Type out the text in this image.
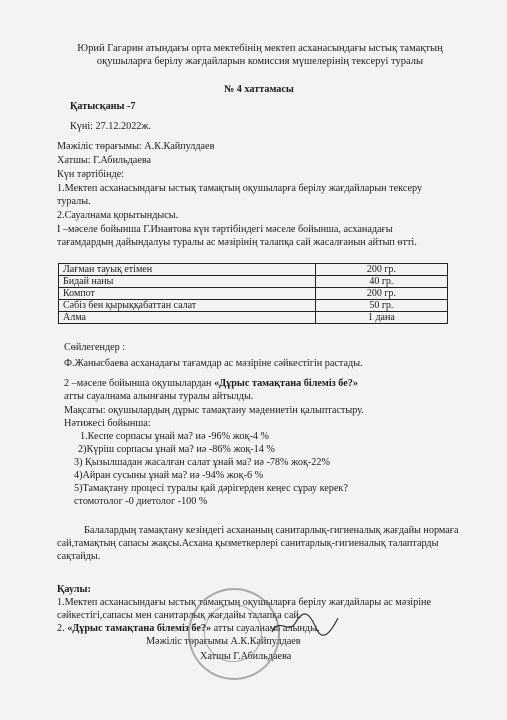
Юрий Гагарин атындағы орта мектебінің мектеп асханасындағы ыстық тамақтың
оқушыларға берілу жағдайларын комиссия мүшелерінің тексеруі туралы
№ 4 хаттамасы
Қатысқаны -7
Күні: 27.12.2022ж.
Мәжіліс төрағымы: А.К.Кайпулдаев
Хатшы: Г.Абильдаева
Күн тәртібінде:
1.Мектеп асханасындағы ыстық тамақтың оқушыларға берілу жағдайларын тексеру
туралы.
2.Сауалнама қорытындысы.
І –мәселе бойынша Г.Инаятова күн тәртібіндегі мәселе бойынша, асханадағы
тағамдардың дайындалуы туралы ас мәзірінің талапқа сай жасалғанын айтып өтті.
Лағман тауық етімен	200 гр.
Бидай наны	40 гр.
Компот	200 гр.
Сәбіз бен қырыққабаттан салат	50 гр.
Алма	1 дана
Сөйлегендер :
Ф.Жанысбаева асханадағы тағамдар ас мәзіріне сәйкестігін растады.
2 –мәселе бойынша оқушылардан «Дұрыс тамақтана білеміз бе?»
атты сауалнама алынғаны туралы айтылды.
Мақсаты: оқушылардың дұрыс тамақтану мәдениетін қалыптастыру.
Нәтижесі бойынша:
1.Кеспе сорпасы ұнай ма? иә -96% жоқ-4 %
2)Күріш сорпасы ұнай ма? иә -86% жоқ-14 %
3) Қызылшадан жасалған салат ұнай ма? иә -78% жоқ-22%
4)Айран сусыны ұнай ма? иә -94% жоқ-6 %
5)Тамақтану процесі туралы қай дәрігерден кеңес сұрау керек?
стомотолог -0 диетолог -100 %
Балалардың тамақтану кезіндегі асхананың санитарлық-гигиеналық жағдайы нормаға
сай,тамақтың сапасы жақсы.Асхана қызметкерлері санитарлық-гигиеналық талаптарды
сақтайды.
Қаулы:
1.Мектеп асханасындағы ыстық тамақтың оқушыларға берілу жағдайлары ас мәзіріне
сәйкестігі,сапасы мен санитарлық жағдайы талапқа сай.
2. «Дұрыс тамақтана білеміз бе?» атты сауалнама алынды.
Мәжіліс төрағымы А.К.Кайпулдаев
Хатшы Г.Абильдаева
